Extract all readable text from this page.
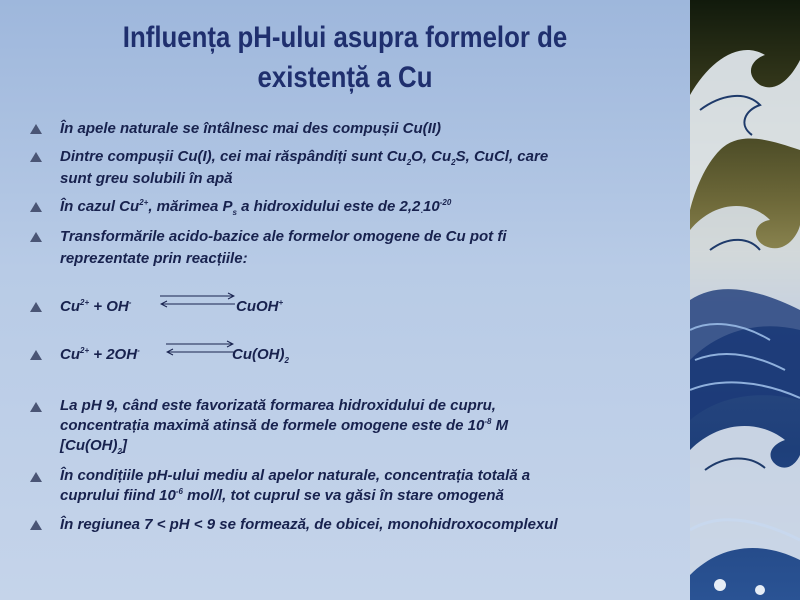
Influența pH-ului asupra formelor de
existență a Cu
În apele naturale se întâlnesc mai des compușii Cu(II)
Dintre compușii Cu(I), cei mai răspândiți sunt $Cu_2O$, $Cu_2S$, CuCl, care
sunt greu solubili în apă
În cazul $Cu^{2+}$, mărimea $P_s$ a hidroxidului este de $2,2_\cdot 10^{-20}$
Transformările acido-bazice ale formelor omogene de Cu pot fi
reprezentate prin reacțiile:
$Cu^{2+} + OH^-$	CuOH+
$Cu^{2+} + 2OH^-$	$Cu(OH)_2$
La pH 9, când este favorizată formarea hidroxidului de cupru,
concentrația maximă atinsă de formele omogene este de $10^{-8}$ M
$[Cu(OH)_2]$
În condițiile pH-ului mediu al apelor naturale, concentrația totală a
cuprului fiind $10^{-6}$ mol/l, tot cuprul se va găsi în stare omogenă
În regiunea 7 < pH < 9 se formează, de obicei, monohidroxocomplexul
